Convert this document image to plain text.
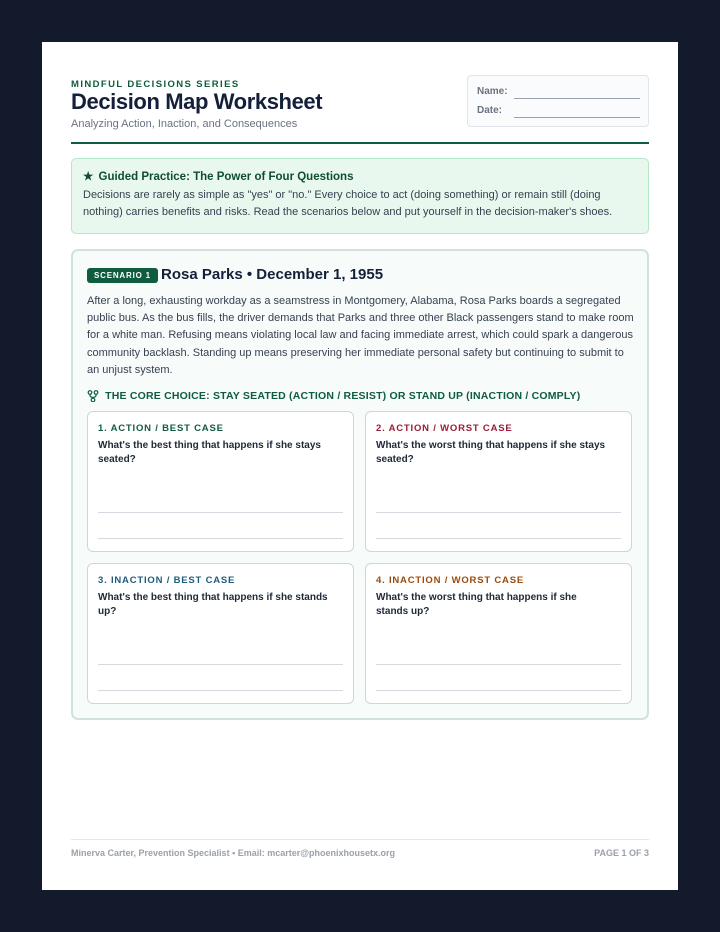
MINDFUL DECISIONS SERIES
Decision Map Worksheet
Analyzing Action, Inaction, and Consequences
Name:
Date:
★ Guided Practice: The Power of Four Questions
Decisions are rarely as simple as "yes" or "no." Every choice to act (doing something) or remain still (doing nothing) carries benefits and risks. Read the scenarios below and put yourself in the decision-maker's shoes.
SCENARIO 1 Rosa Parks • December 1, 1955
After a long, exhausting workday as a seamstress in Montgomery, Alabama, Rosa Parks boards a segregated public bus. As the bus fills, the driver demands that Parks and three other Black passengers stand to make room for a white man. Refusing means violating local law and facing immediate arrest, which could spark a dangerous community backlash. Standing up means preserving her immediate personal safety but continuing to submit to an unjust system.
THE CORE CHOICE: STAY SEATED (ACTION / RESIST) OR STAND UP (INACTION / COMPLY)
1. ACTION / BEST CASE
What's the best thing that happens if she stays seated?
2. ACTION / WORST CASE
What's the worst thing that happens if she stays seated?
3. INACTION / BEST CASE
What's the best thing that happens if she stands up?
4. INACTION / WORST CASE
What's the worst thing that happens if she stands up?
Minerva Carter, Prevention Specialist • Email: mcarter@phoenixhousetx.org	PAGE 1 OF 3
